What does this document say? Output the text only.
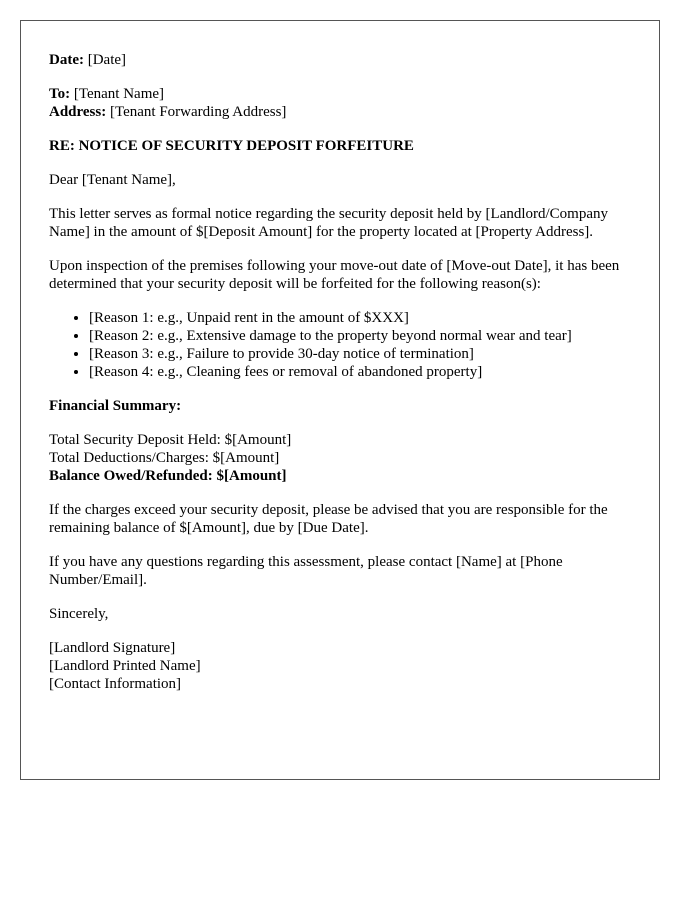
Date: [Date]
To: [Tenant Name]
Address: [Tenant Forwarding Address]
RE: NOTICE OF SECURITY DEPOSIT FORFEITURE

Dear [Tenant Name],

This letter serves as formal notice regarding the security deposit held by [Landlord/Company Name] in the amount of $[Deposit Amount] for the property located at [Property Address].

Upon inspection of the premises following your move-out date of [Move-out Date], it has been determined that your security deposit will be forfeited for the following reason(s):

• [Reason 1: e.g., Unpaid rent in the amount of $XXX]
• [Reason 2: e.g., Extensive damage to the property beyond normal wear and tear]
• [Reason 3: e.g., Failure to provide 30-day notice of termination]
• [Reason 4: e.g., Cleaning fees or removal of abandoned property]
Financial Summary:
Total Security Deposit Held: $[Amount]
Total Deductions/Charges: $[Amount]
Balance Owed/Refunded: $[Amount]

If the charges exceed your security deposit, please be advised that you are responsible for the remaining balance of $[Amount], due by [Due Date].

If you have any questions regarding this assessment, please contact [Name] at [Phone Number/Email].

Sincerely,

[Landlord Signature]
[Landlord Printed Name]
[Contact Information]
